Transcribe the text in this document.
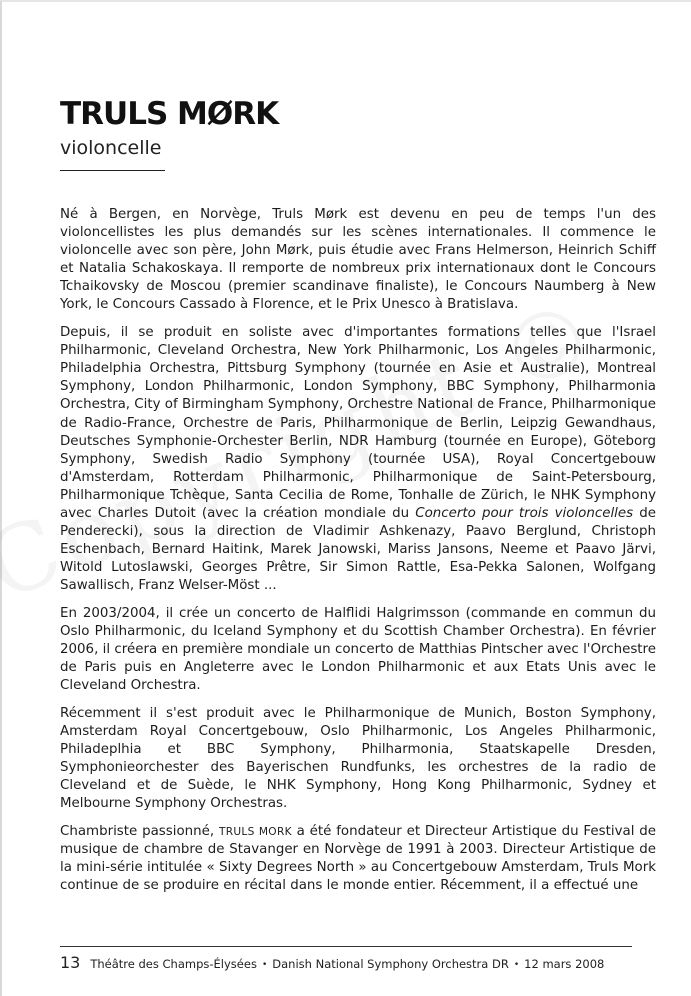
TRULS MØRK
violoncelle

Né à Bergen, en Norvège, Truls Mørk est devenu en peu de temps l'un des violoncellistes les plus demandés sur les scènes internationales. Il commence le violoncelle avec son père, John Mørk, puis étudie avec Frans Helmerson, Heinrich Schiff et Natalia Schakoskaya. Il remporte de nombreux prix internationaux dont le Concours Tchaikovsky de Moscou (premier scandinave finaliste), le Concours Naumberg à New York, le Concours Cassado à Florence, et le Prix Unesco à Bratislava.

Depuis, il se produit en soliste avec d'importantes formations telles que l'Israel Philharmonic, Cleveland Orchestra, New York Philharmonic, Los Angeles Philharmonic, Philadelphia Orchestra, Pittsburg Symphony (tournée en Asie et Australie), Montreal Symphony, London Philharmonic, London Symphony, BBC Symphony, Philharmonia Orchestra, City of Birmingham Symphony, Orchestre National de France, Philharmonique de Radio-France, Orchestre de Paris, Philharmonique de Berlin, Leipzig Gewandhaus, Deutsches Symphonie-Orchester Berlin, NDR Hamburg (tournée en Europe), Göteborg Symphony, Swedish Radio Symphony (tournée USA), Royal Concertgebouw d'Amsterdam, Rotterdam Philharmonic, Philharmonique de Saint-Petersbourg, Philharmonique Tchèque, Santa Cecilia de Rome, Tonhalle de Zürich, le NHK Symphony avec Charles Dutoit (avec la création mondiale du Concerto pour trois violoncelles de Penderecki), sous la direction de Vladimir Ashkenazy, Paavo Berglund, Christoph Eschenbach, Bernard Haitink, Marek Janowski, Mariss Jansons, Neeme et Paavo Järvi, Witold Lutoslawski, Georges Prêtre, Sir Simon Rattle, Esa-Pekka Salonen, Wolfgang Sawallisch, Franz Welser-Möst ...

En 2003/2004, il crée un concerto de Halflidi Halgrimsson (commande en commun du Oslo Philharmonic, du Iceland Symphony et du Scottish Chamber Orchestra). En février 2006, il créera en première mondiale un concerto de Matthias Pintscher avec l'Orchestre de Paris puis en Angleterre avec le London Philharmonic et aux Etats Unis avec le Cleveland Orchestra.

Récemment il s'est produit avec le Philharmonique de Munich, Boston Symphony, Amsterdam Royal Concertgebouw, Oslo Philharmonic, Los Angeles Philharmonic, Philadeplhia et BBC Symphony, Philharmonia, Staatskapelle Dresden, Symphonieorchester des Bayerischen Rundfunks, les orchestres de la radio de Cleveland et de Suède, le NHK Symphony, Hong Kong Philharmonic, Sydney et Melbourne Symphony Orchestras.

Chambriste passionné, TRULS MORK a été fondateur et Directeur Artistique du Festival de musique de chambre de Stavanger en Norvège de 1991 à 2003. Directeur Artistique de la mini-série intitulée « Sixty Degrees North » au Concertgebouw Amsterdam, Truls Mork continue de se produire en récital dans le monde entier. Récemment, il a effectué une

13 Théâtre des Champs-Élysées • Danish National Symphony Orchestra DR • 12 mars 2008
